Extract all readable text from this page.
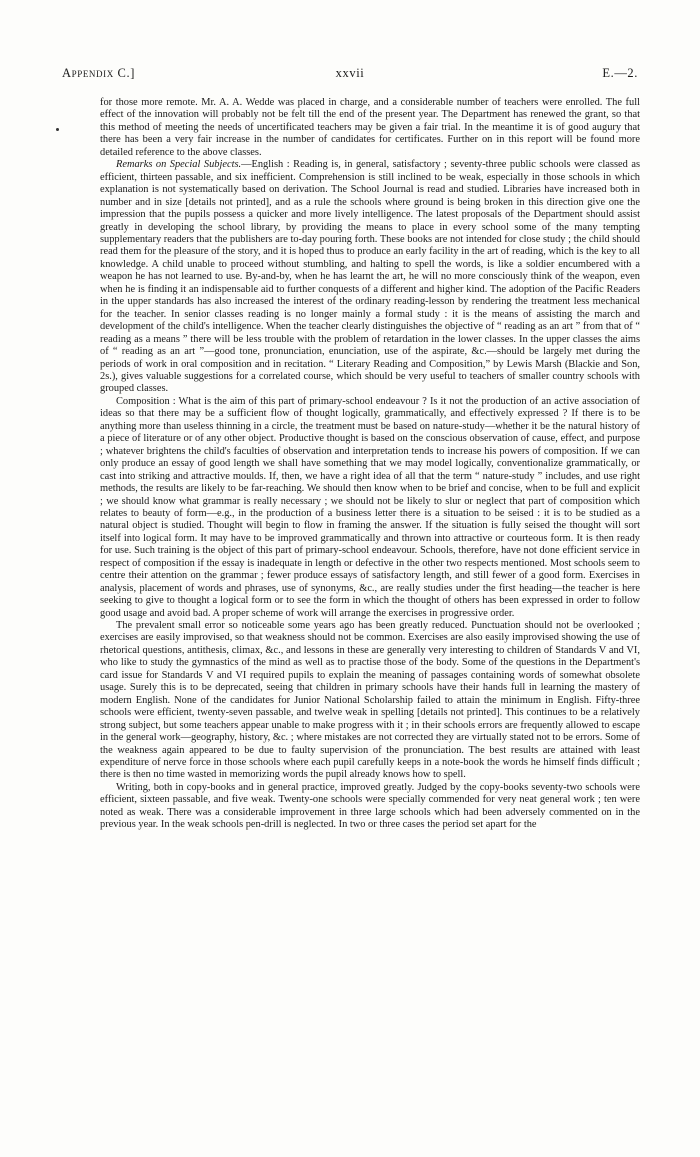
Appendix C.]	xxvii	E.—2.

for those more remote. Mr. A. A. Wedde was placed in charge, and a considerable number of teachers were enrolled. The full effect of the innovation will probably not be felt till the end of the present year. The Department has renewed the grant, so that this method of meeting the needs of uncertificated teachers may be given a fair trial. In the meantime it is of good augury that there has been a very fair increase in the number of candidates for certificates. Further on in this report will be found more detailed reference to the above classes.

Remarks on Special Subjects.—English : Reading is, in general, satisfactory ; seventy-three public schools were classed as efficient, thirteen passable, and six inefficient. Comprehension is still inclined to be weak, especially in those schools in which explanation is not systematically based on derivation. The School Journal is read and studied. Libraries have increased both in number and in size [details not printed], and as a rule the schools where ground is being broken in this direction give one the impression that the pupils possess a quicker and more lively intelligence. The latest proposals of the Department should assist greatly in developing the school library, by providing the means to place in every school some of the many tempting supplementary readers that the publishers are to-day pouring forth. These books are not intended for close study ; the child should read them for the pleasure of the story, and it is hoped thus to produce an early facility in the art of reading, which is the key to all knowledge. A child unable to proceed without stumbling, and halting to spell the words, is like a soldier encumbered with a weapon he has not learned to use. By-and-by, when he has learnt the art, he will no more consciously think of the weapon, even when he is finding it an indispensable aid to further conquests of a different and higher kind. The adoption of the Pacific Readers in the upper standards has also increased the interest of the ordinary reading-lesson by rendering the treatment less mechanical for the teacher. In senior classes reading is no longer mainly a formal study : it is the means of assisting the march and development of the child's intelligence. When the teacher clearly distinguishes the objective of “ reading as an art ” from that of “ reading as a means ” there will be less trouble with the problem of retardation in the lower classes. In the upper classes the aims of “ reading as an art ”—good tone, pronunciation, enunciation, use of the aspirate, &c.—should be largely met during the periods of work in oral composition and in recitation. “ Literary Reading and Composition,” by Lewis Marsh (Blackie and Son, 2s.), gives valuable suggestions for a correlated course, which should be very useful to teachers of smaller country schools with grouped classes.

Composition : What is the aim of this part of primary-school endeavour ? Is it not the production of an active association of ideas so that there may be a sufficient flow of thought logically, grammatically, and effectively expressed ? If there is to be anything more than useless thinning in a circle, the treatment must be based on nature-study—whether it be the natural history of a piece of literature or of any other object. Productive thought is based on the conscious observation of cause, effect, and purpose ; whatever brightens the child's faculties of observation and interpretation tends to increase his powers of composition. If we can only produce an essay of good length we shall have something that we may model logically, conventionalize grammatically, or cast into striking and attractive moulds. If, then, we have a right idea of all that the term “ nature-study ” includes, and use right methods, the results are likely to be far-reaching. We should then know when to be brief and concise, when to be full and explicit ; we should know what grammar is really necessary ; we should not be likely to slur or neglect that part of composition which relates to beauty of form—e.g., in the production of a business letter there is a situation to be seised : it is to be studied as a natural object is studied. Thought will begin to flow in framing the answer. If the situation is fully seised the thought will sort itself into logical form. It may have to be improved grammatically and thrown into attractive or courteous form. It is then ready for use. Such training is the object of this part of primary-school endeavour. Schools, therefore, have not done efficient service in respect of composition if the essay is inadequate in length or defective in the other two respects mentioned. Most schools seem to centre their attention on the grammar ; fewer produce essays of satisfactory length, and still fewer of a good form. Exercises in analysis, placement of words and phrases, use of synonyms, &c., are really studies under the first heading—the teacher is here seeking to give to thought a logical form or to see the form in which the thought of others has been expressed in order to follow good usage and avoid bad. A proper scheme of work will arrange the exercises in progressive order.

The prevalent small error so noticeable some years ago has been greatly reduced. Punctuation should not be overlooked ; exercises are easily improvised, so that weakness should not be common. Exercises are also easily improvised showing the use of rhetorical questions, antithesis, climax, &c., and lessons in these are generally very interesting to children of Standards V and VI, who like to study the gymnastics of the mind as well as to practise those of the body. Some of the questions in the Department's card issue for Standards V and VI required pupils to explain the meaning of passages containing words of somewhat obsolete usage. Surely this is to be deprecated, seeing that children in primary schools have their hands full in learning the mastery of modern English. None of the candidates for Junior National Scholarship failed to attain the minimum in English. Fifty-three schools were efficient, twenty-seven passable, and twelve weak in spelling [details not printed]. This continues to be a relatively strong subject, but some teachers appear unable to make progress with it ; in their schools errors are frequently allowed to escape in the general work—geography, history, &c. ; where mistakes are not corrected they are virtually stated not to be errors. Some of the weakness again appeared to be due to faulty supervision of the pronunciation. The best results are attained with least expenditure of nerve force in those schools where each pupil carefully keeps in a note-book the words he himself finds difficult ; there is then no time wasted in memorizing words the pupil already knows how to spell.

Writing, both in copy-books and in general practice, improved greatly. Judged by the copy-books seventy-two schools were efficient, sixteen passable, and five weak. Twenty-one schools were specially commended for very neat general work ; ten were noted as weak. There was a considerable improvement in three large schools which had been adversely commented on in the previous year. In the weak schools pen-drill is neglected. In two or three cases the period set apart for the
